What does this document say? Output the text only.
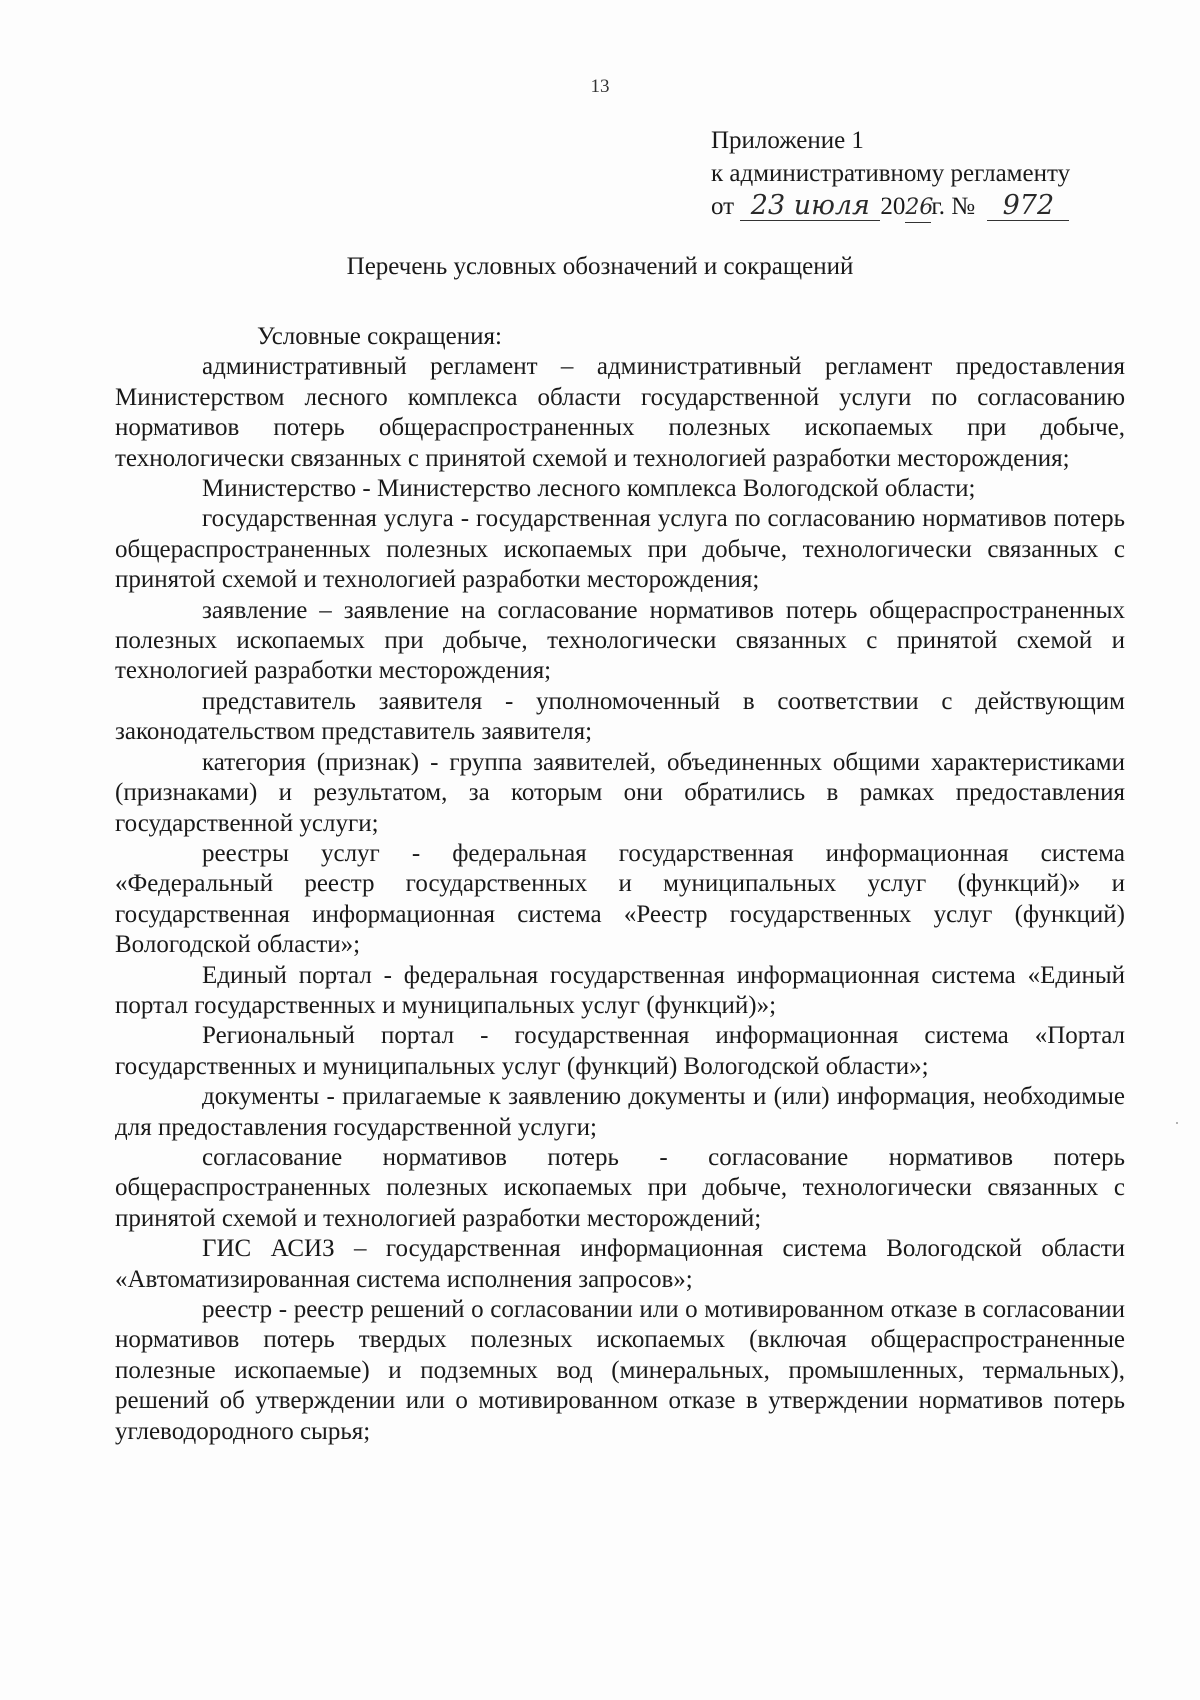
13
Приложение 1
к административному регламенту
от 23 июля 2026г. № 972
Перечень условных обозначений и сокращений

Условные сокращения:

административный регламент – административный регламент предоставления Министерством лесного комплекса области государственной услуги по согласованию нормативов потерь общераспространенных полезных ископаемых при добыче, технологически связанных с принятой схемой и технологией разработки месторождения;

Министерство - Министерство лесного комплекса Вологодской области;

государственная услуга - государственная услуга по согласованию нормативов потерь общераспространенных полезных ископаемых при добыче, технологически связанных с принятой схемой и технологией разработки месторождения;

заявление – заявление на согласование нормативов потерь общераспространенных полезных ископаемых при добыче, технологически связанных с принятой схемой и технологией разработки месторождения;

представитель заявителя - уполномоченный в соответствии с действующим законодательством представитель заявителя;

категория (признак) - группа заявителей, объединенных общими характеристиками (признаками) и результатом, за которым они обратились в рамках предоставления государственной услуги;

реестры услуг - федеральная государственная информационная система «Федеральный реестр государственных и муниципальных услуг (функций)» и государственная информационная система «Реестр государственных услуг (функций) Вологодской области»;

Единый портал - федеральная государственная информационная система «Единый портал государственных и муниципальных услуг (функций)»;

Региональный портал - государственная информационная система «Портал государственных и муниципальных услуг (функций) Вологодской области»;

документы - прилагаемые к заявлению документы и (или) информация, необходимые для предоставления государственной услуги;

согласование нормативов потерь - согласование нормативов потерь общераспространенных полезных ископаемых при добыче, технологически связанных с принятой схемой и технологией разработки месторождений;

ГИС АСИЗ – государственная информационная система Вологодской области «Автоматизированная система исполнения запросов»;

реестр - реестр решений о согласовании или о мотивированном отказе в согласовании нормативов потерь твердых полезных ископаемых (включая общераспространенные полезные ископаемые) и подземных вод (минеральных, промышленных, термальных), решений об утверждении или о мотивированном отказе в утверждении нормативов потерь углеводородного сырья;
